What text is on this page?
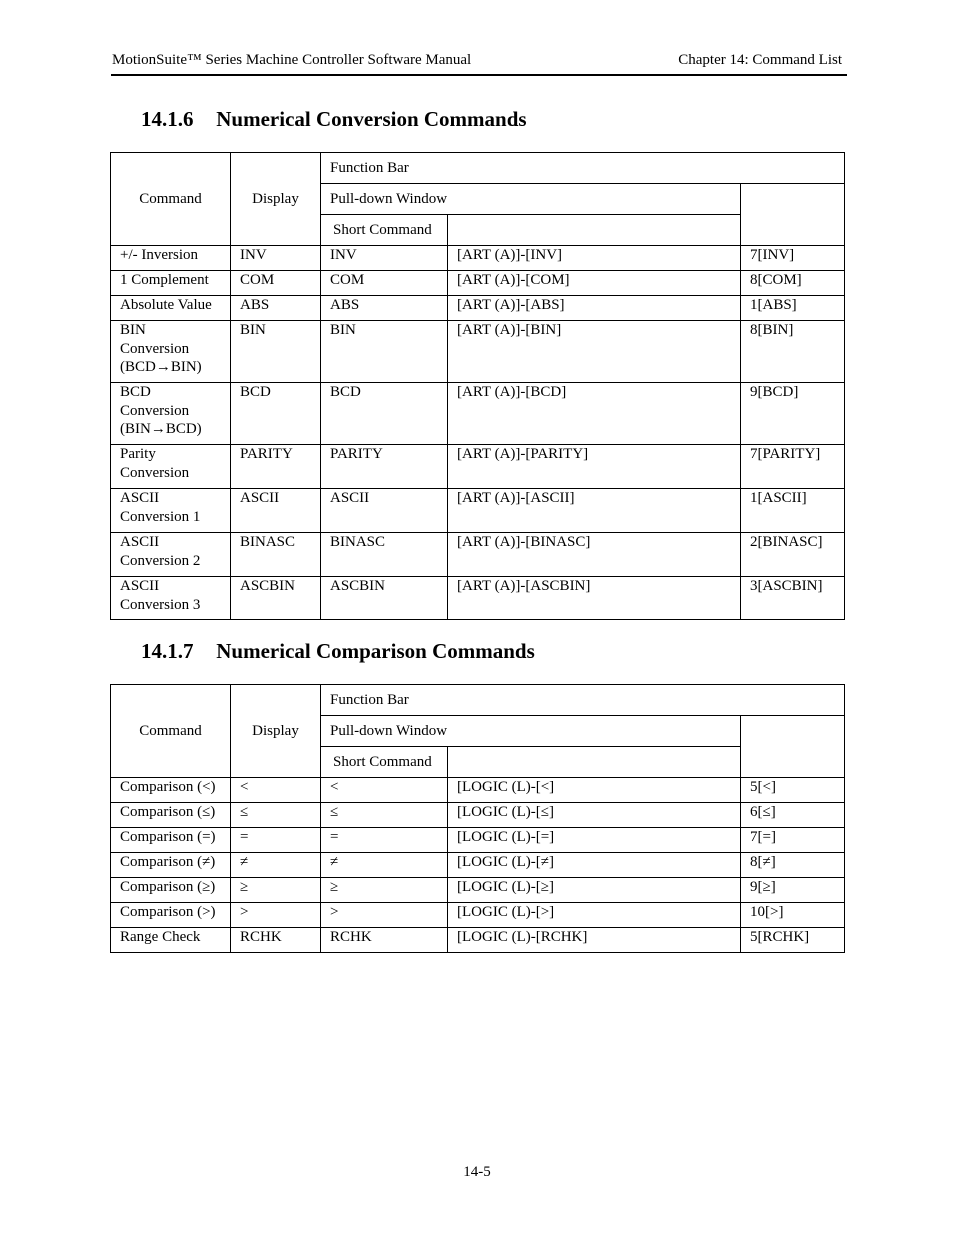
MotionSuite™ Series Machine Controller Software Manual	Chapter 14: Command List
14.1.6 Numerical Conversion Commands
Command	Display	Function Bar		
		Pull-down Window		
		Short Command		
+/- Inversion	INV	INV	[ART (A)]-[INV]	7[INV]
1 Complement	COM	COM	[ART (A)]-[COM]	8[COM]
Absolute Value	ABS	ABS	[ART (A)]-[ABS]	1[ABS]
BIN
Conversion
(BCD→BIN)	BIN	BIN	[ART (A)]-[BIN]	8[BIN]
BCD
Conversion
(BIN→BCD)	BCD	BCD	[ART (A)]-[BCD]	9[BCD]
Parity
Conversion	PARITY	PARITY	[ART (A)]-[PARITY]	7[PARITY]
ASCII
Conversion 1	ASCII	ASCII	[ART (A)]-[ASCII]	1[ASCII]
ASCII
Conversion 2	BINASC	BINASC	[ART (A)]-[BINASC]	2[BINASC]
ASCII
Conversion 3	ASCBIN	ASCBIN	[ART (A)]-[ASCBIN]	3[ASCBIN]
14.1.7 Numerical Comparison Commands
Command	Display	Function Bar		
		Pull-down Window		
		Short Command		
Comparison (<)	<	<	[LOGIC (L)-[<]	5[<]
Comparison (≤)	≤	≤	[LOGIC (L)-[≤]	6[≤]
Comparison (=)	=	=	[LOGIC (L)-[=]	7[=]
Comparison (≠)	≠	≠	[LOGIC (L)-[≠]	8[≠]
Comparison (≥)	≥	≥	[LOGIC (L)-[≥]	9[≥]
Comparison (>)	>	>	[LOGIC (L)-[>]	10[>]
Range Check	RCHK	RCHK	[LOGIC (L)-[RCHK]	5[RCHK]
14-5
